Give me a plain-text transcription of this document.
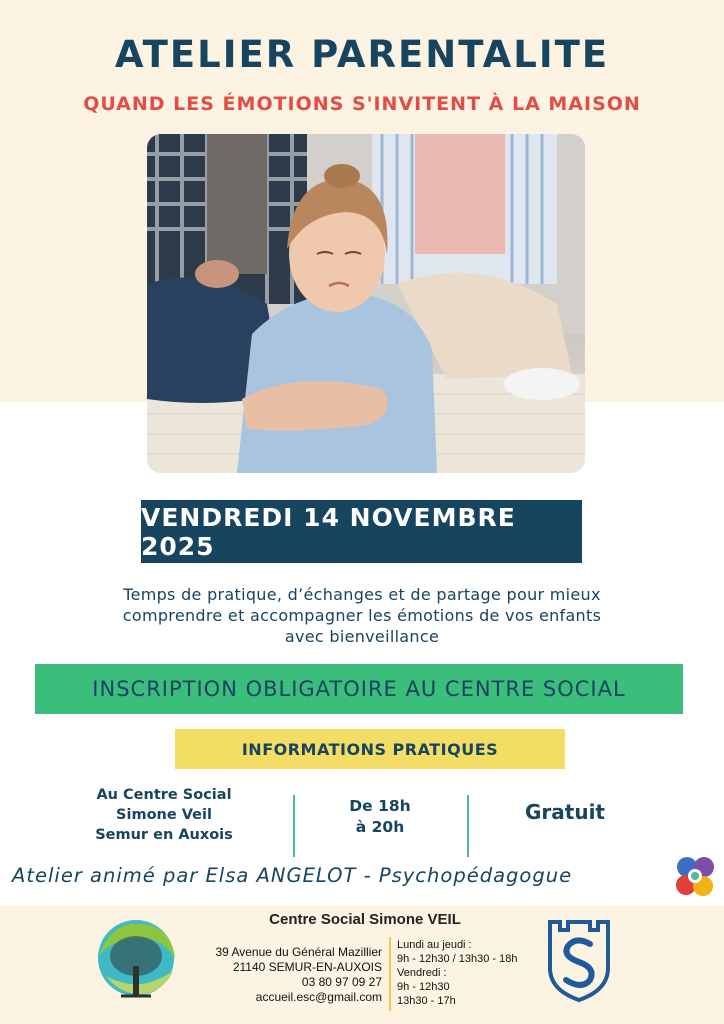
ATELIER PARENTALITE
QUAND LES ÉMOTIONS S'INVITENT À LA MAISON
VENDREDI 14 NOVEMBRE 2025
Temps de pratique, d’échanges et de partage pour mieux
comprendre et accompagner les émotions de vos enfants
avec bienveillance
INSCRIPTION OBLIGATOIRE AU CENTRE SOCIAL
INFORMATIONS PRATIQUES
Au Centre Social
Simone Veil
Semur en Auxois
De 18h
à 20h
Gratuit
Atelier animé par Elsa ANGELOT - Psychopédagogue
Centre Social Simone VEIL
39 Avenue du Général Mazillier
21140 SEMUR-EN-AUXOIS
03 80 97 09 27
accueil.esc@gmail.com
Lundi au jeudi :
9h - 12h30 / 13h30 - 18h
Vendredi :
9h - 12h30
13h30 - 17h
